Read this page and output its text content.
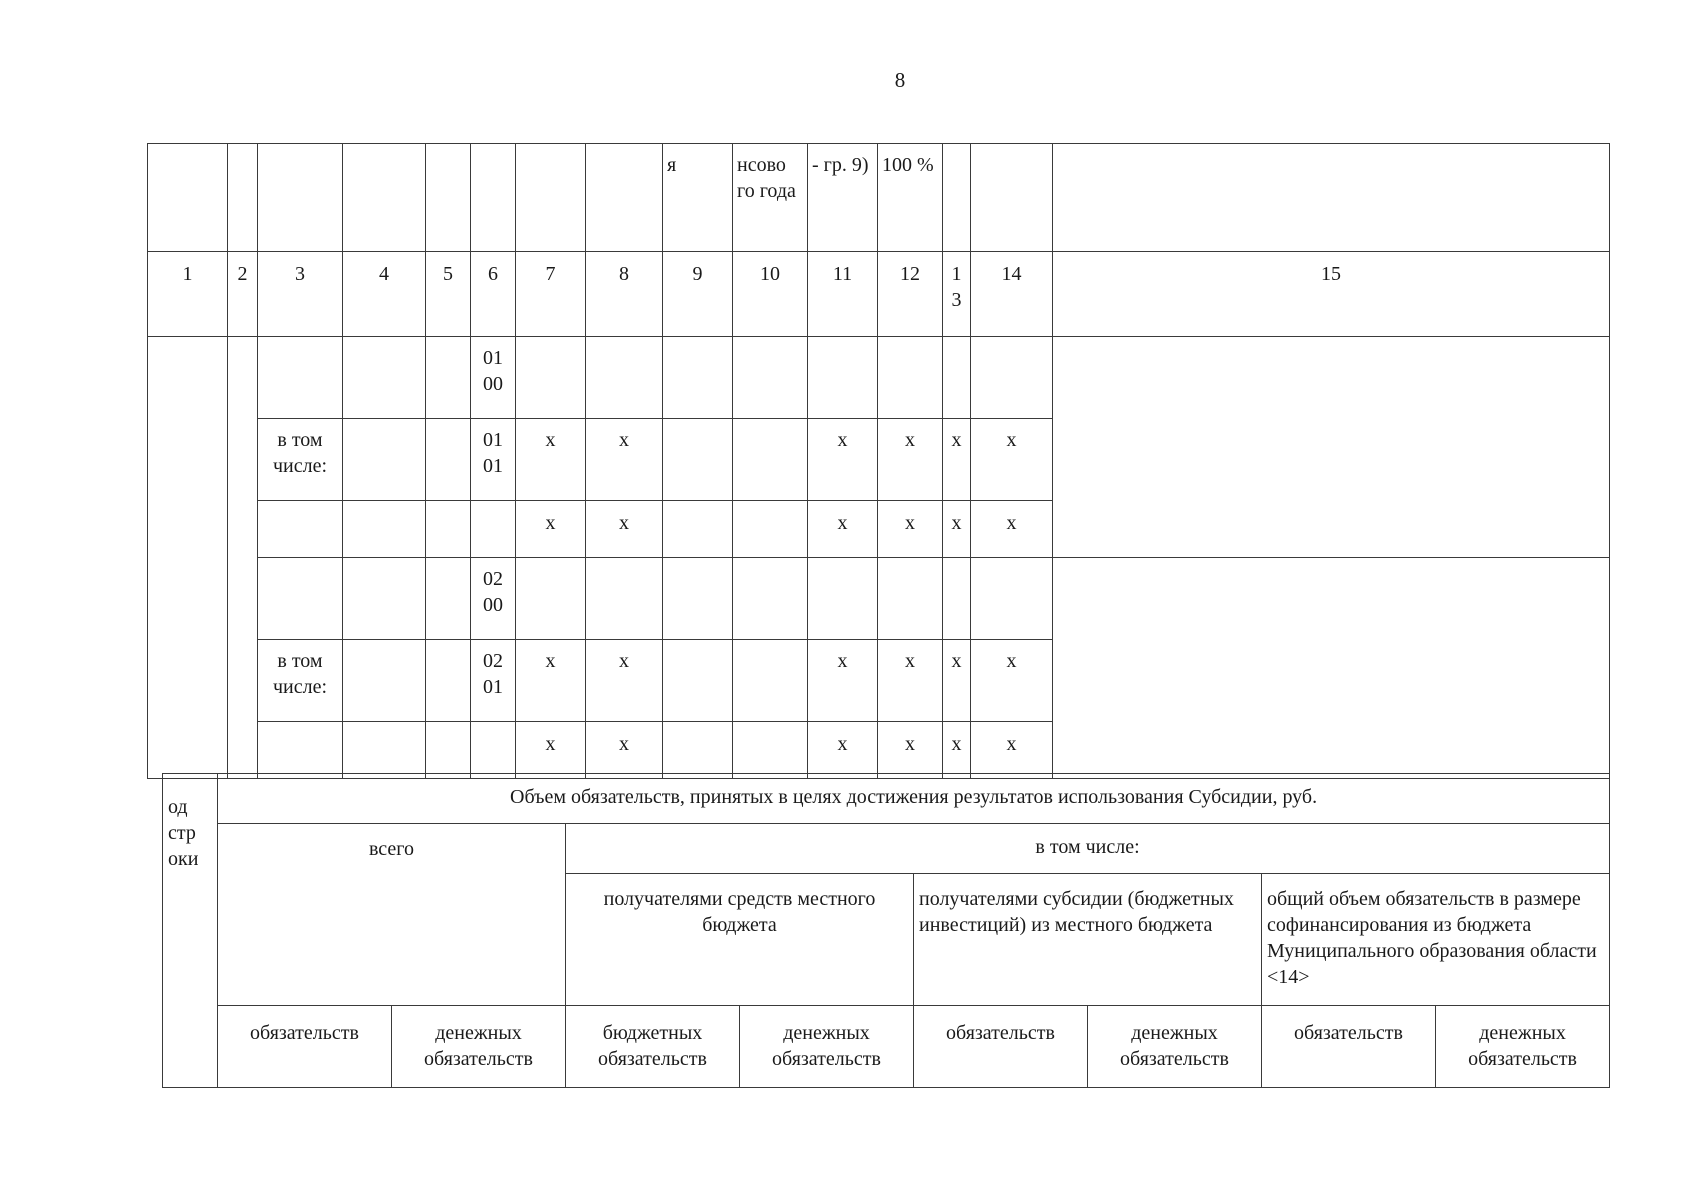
8
								я	нсово го года	- гр. 9)	100 %			
1	2	3	4	5	6	7	8	9	10	11	12	1 3	14	15
					01 00									
		в том числе:			01 01	x	x			x	x	x	x	
						x	x			x	x	x	x	
					02 00									
		в том числе:			02 01	x	x			x	x	x	x	
						x	x			x	x	x	x	
од стр оки	Объем обязательств, принятых в целях достижения результатов использования Субсидии, руб.							
	всего		в том числе:					
			получателями средств местного бюджета		получателями субсидии (бюджетных инвестиций) из местного бюджета		общий объем обязательств в размере софинансирования из бюджета Муниципального образования области <14>	
	обязательств	денежных обязательств	бюджетных обязательств	денежных обязательств	обязательств	денежных обязательств	обязательств	денежных обязательств
